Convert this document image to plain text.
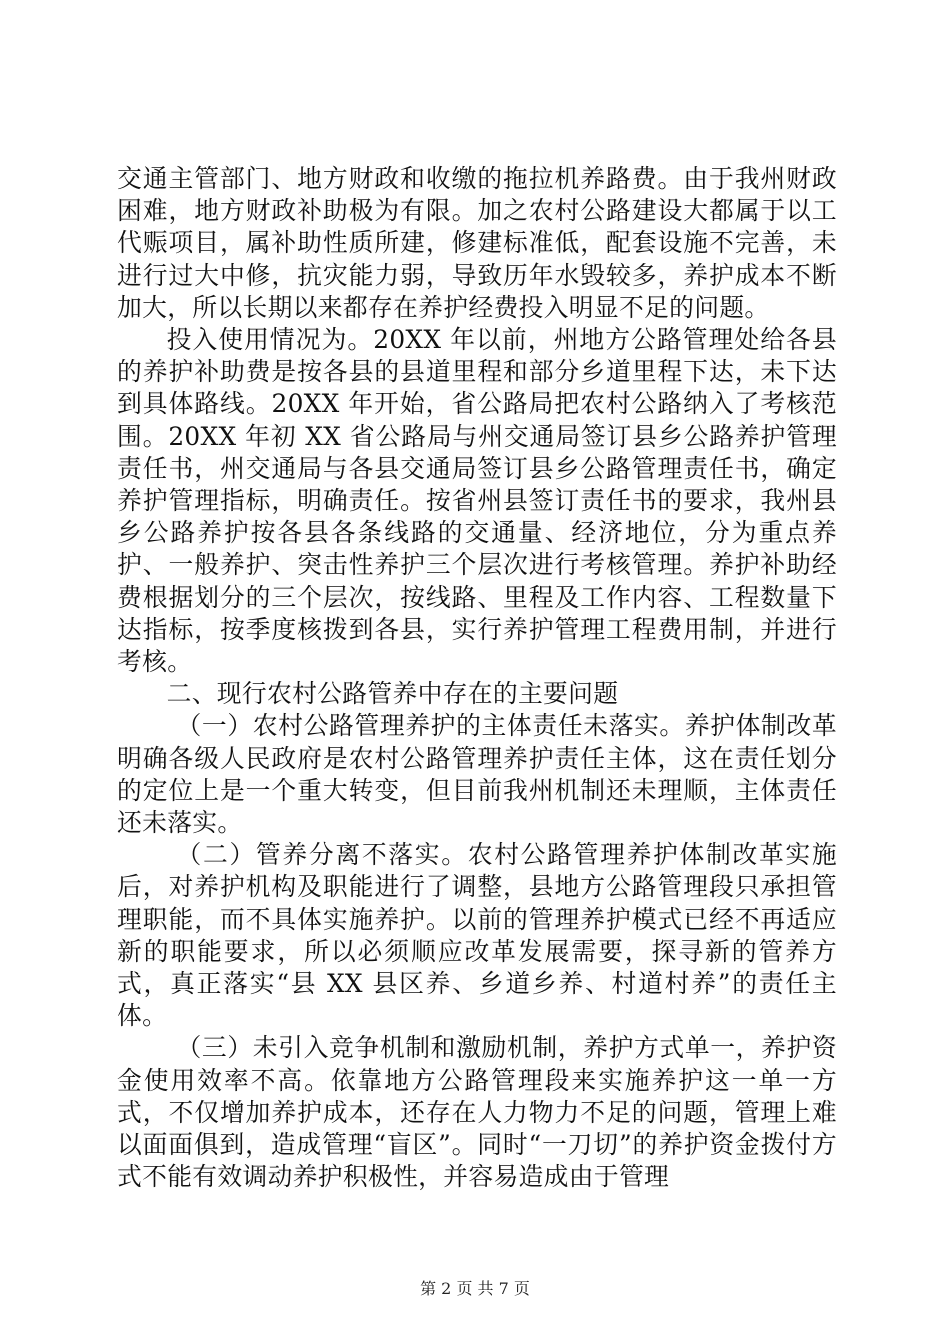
交通主管部门、地方财政和收缴的拖拉机养路费。由于我州财政困难，地方财政补助极为有限。加之农村公路建设大都属于以工代赈项目，属补助性质所建，修建标准低，配套设施不完善，未进行过大中修，抗灾能力弱，导致历年水毁较多，养护成本不断加大，所以长期以来都存在养护经费投入明显不足的问题。

投入使用情况为。20XX 年以前，州地方公路管理处给各县的养护补助费是按各县的县道里程和部分乡道里程下达，未下达到具体路线。20XX 年开始，省公路局把农村公路纳入了考核范围。20XX 年初 XX 省公路局与州交通局签订县乡公路养护管理责任书，州交通局与各县交通局签订县乡公路管理责任书，确定养护管理指标，明确责任。按省州县签订责任书的要求，我州县乡公路养护按各县各条线路的交通量、经济地位，分为重点养护、一般养护、突击性养护三个层次进行考核管理。养护补助经费根据划分的三个层次，按线路、里程及工作内容、工程数量下达指标，按季度核拨到各县，实行养护管理工程费用制，并进行考核。

二、现行农村公路管养中存在的主要问题

（一）农村公路管理养护的主体责任未落实。养护体制改革明确各级人民政府是农村公路管理养护责任主体，这在责任划分的定位上是一个重大转变，但目前我州机制还未理顺，主体责任还未落实。

（二）管养分离不落实。农村公路管理养护体制改革实施后，对养护机构及职能进行了调整，县地方公路管理段只承担管理职能，而不具体实施养护。以前的管理养护模式已经不再适应新的职能要求，所以必须顺应改革发展需要，探寻新的管养方式，真正落实“县 XX 县区养、乡道乡养、村道村养”的责任主体。

（三）未引入竞争机制和激励机制，养护方式单一，养护资金使用效率不高。依靠地方公路管理段来实施养护这一单一方式，不仅增加养护成本，还存在人力物力不足的问题，管理上难以面面俱到，造成管理“盲区”。同时“一刀切”的养护资金拨付方式不能有效调动养护积极性，并容易造成由于管理

第 2 页 共 7 页
